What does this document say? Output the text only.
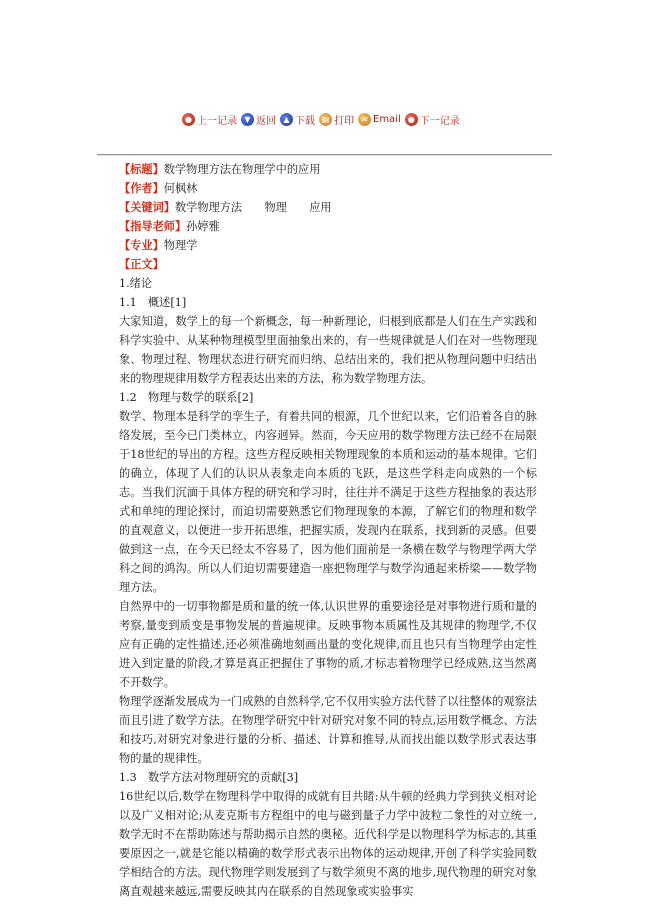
● 上一记录 ▼ 返回 ▲ 下载 ▤ 打印 ✉ Email ● 下一记录
【标题】数学物理方法在物理学中的应用
【作者】何枫林
【关键词】数学物理方法　　物理　　应用
【指导老师】孙婷雅
【专业】物理学
【正文】
1.绪论
1.1　概述[1]
大家知道，数学上的每一个新概念，每一种新理论，归根到底都是人们在生产实践和科学实验中、从某种物理模型里面抽象出来的，有一些规律就是人们在对一些物理现象、物理过程、物理状态进行研究而归纳、总结出来的，我们把从物理问题中归结出来的物理规律用数学方程表达出来的方法，称为数学物理方法。
1.2　物理与数学的联系[2]
数学、物理本是科学的孪生子，有着共同的根源，几个世纪以来，它们沿着各自的脉络发展，至今已门类林立，内容迥异。然而，今天应用的数学物理方法已经不在局限于18世纪的导出的方程。这些方程反映相关物理现象的本质和运动的基本规律。它们的确立，体现了人们的认识从表象走向本质的飞跃，是这些学科走向成熟的一个标志。当我们沉湎于具体方程的研究和学习时，往往并不满足于这些方程抽象的表达形式和单纯的理论探讨，而迫切需要熟悉它们物理现象的本源，了解它们的物理和数学的直观意义，以便进一步开拓思维，把握实质，发现内在联系，找到新的灵感。但要做到这一点，在今天已经太不容易了，因为他们面前是一条横在数学与物理学两大学科之间的鸿沟。所以人们迫切需要建造一座把物理学与数学沟通起来桥梁——数学物理方法。
自然界中的一切事物都是质和量的统一体,认识世界的重要途径是对事物进行质和量的考察,量变到质变是事物发展的普遍规律。反映事物本质属性及其规律的物理学,不仅应有正确的定性描述,还必须准确地刻画出量的变化规律,而且也只有当物理学由定性进入到定量的阶段,才算是真正把握住了事物的质,才标志着物理学已经成熟,这当然离不开数学。
物理学逐渐发展成为一门成熟的自然科学,它不仅用实验方法代替了以往整体的观察法而且引进了数学方法。在物理学研究中针对研究对象不同的特点,运用数学概念、方法和技巧,对研究对象进行量的分析、描述、计算和推导,从而找出能以数学形式表达事物的量的规律性。
1.3　数学方法对物理研究的贡献[3]
16世纪以后,数学在物理科学中取得的成就有目共睹:从牛顿的经典力学到狭义相对论以及广义相对论;从麦克斯韦方程组中的电与磁到量子力学中波粒二象性的对立统一,数学无时不在帮助陈述与帮助揭示自然的奥秘。近代科学是以物理科学为标志的,其重要原因之一,就是它能以精确的数学形式表示出物体的运动规律,开创了科学实验同数学相结合的方法。现代物理学则发展到了与数学须臾不离的地步,现代物理的研究对象离直观越来越远,需要反映其内在联系的自然现象或实验事实
